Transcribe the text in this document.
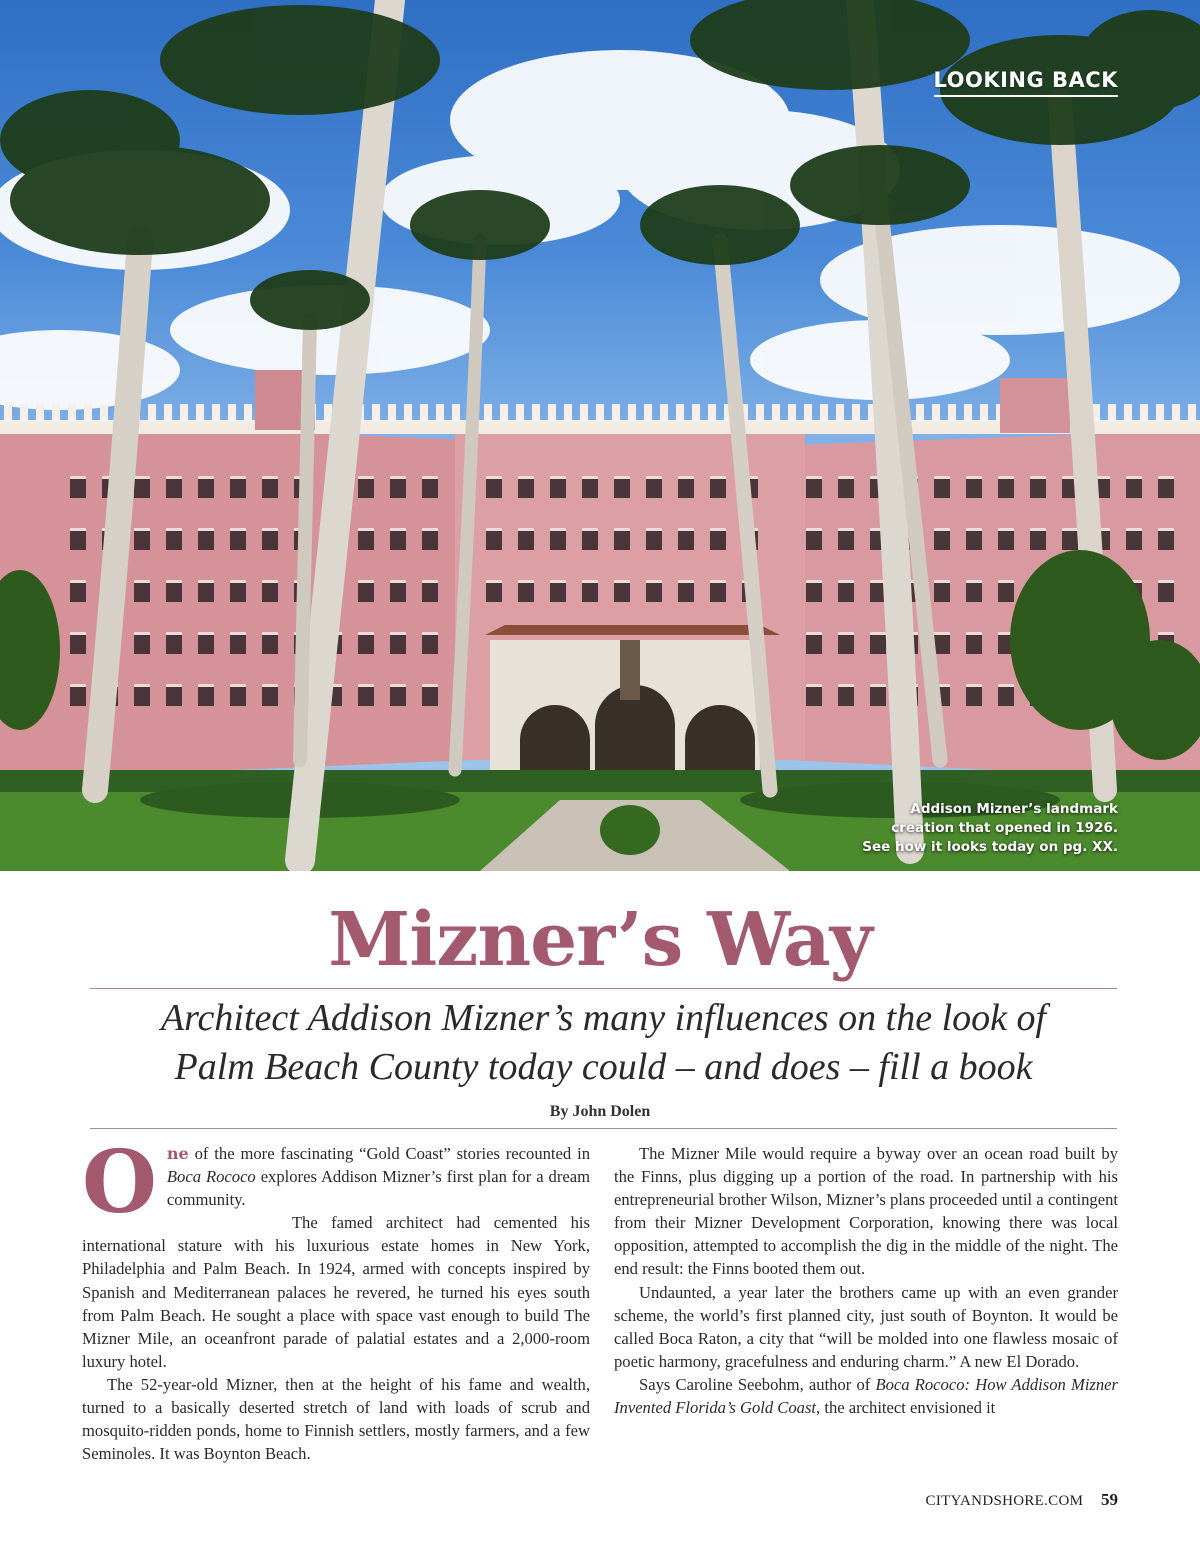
LOOKING BACK
Addison Mizner’s landmark
creation that opened in 1926.
See how it looks today on pg. XX.
Mizner’s Way
Architect Addison Mizner’s many influences on the look of
Palm Beach County today could – and does – fill a book
By John Dolen

One of the more fascinating “Gold Coast” stories recounted in Boca Rococo explores Addison Mizner’s first plan for a dream community.

The famed architect had cemented his international stature with his luxurious estate homes in New York, Philadelphia and Palm Beach. In 1924, armed with concepts inspired by Spanish and Mediterranean palaces he revered, he turned his eyes south from Palm Beach. He sought a place with space vast enough to build The Mizner Mile, an oceanfront parade of palatial estates and a 2,000-room luxury hotel.

The 52-year-old Mizner, then at the height of his fame and wealth, turned to a basically deserted stretch of land with loads of scrub and mosquito-ridden ponds, home to Finnish settlers, mostly farmers, and a few Seminoles. It was Boynton Beach.

The Mizner Mile would require a byway over an ocean road built by the Finns, plus digging up a portion of the road. In partnership with his entrepreneurial brother Wilson, Mizner’s plans proceeded until a contingent from their Mizner Development Corporation, knowing there was local opposition, attempted to accomplish the dig in the middle of the night. The end result: the Finns booted them out.

Undaunted, a year later the brothers came up with an even grander scheme, the world’s first planned city, just south of Boynton. It would be called Boca Raton, a city that “will be molded into one flawless mosaic of poetic harmony, gracefulness and enduring charm.” A new El Dorado.

Says Caroline Seebohm, author of Boca Rococo: How Addison Mizner Invented Florida’s Gold Coast, the architect envisioned it

CITYANDSHORE.COM 59
